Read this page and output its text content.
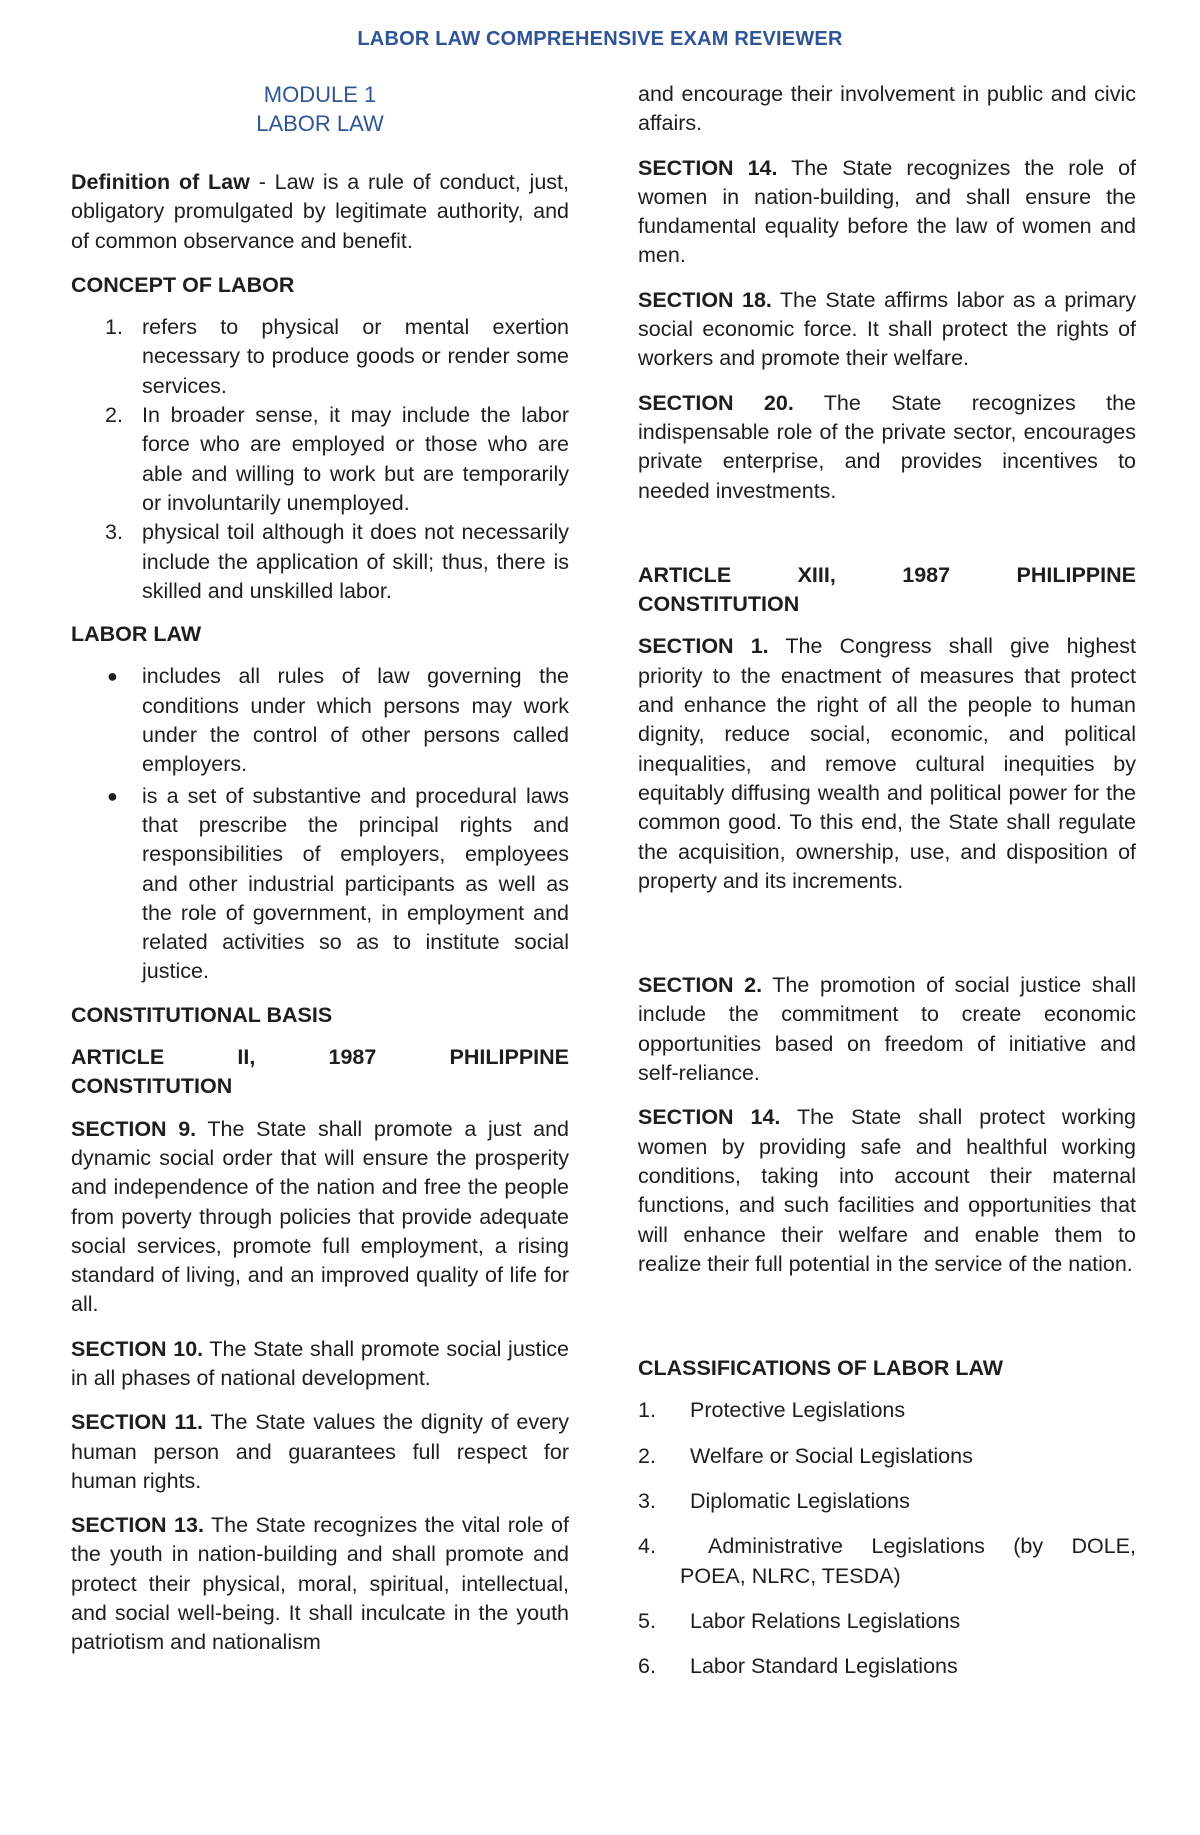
LABOR LAW COMPREHENSIVE EXAM REVIEWER
MODULE 1
LABOR LAW

Definition of Law - Law is a rule of conduct, just, obligatory promulgated by legitimate authority, and of common observance and benefit.

CONCEPT OF LABOR
1. refers to physical or mental exertion necessary to produce goods or render some services.
2. In broader sense, it may include the labor force who are employed or those who are able and willing to work but are temporarily or involuntarily unemployed.
3. physical toil although it does not necessarily include the application of skill; thus, there is skilled and unskilled labor.
LABOR LAW
● includes all rules of law governing the conditions under which persons may work under the control of other persons called employers.
● is a set of substantive and procedural laws that prescribe the principal rights and responsibilities of employers, employees and other industrial participants as well as the role of government, in employment and related activities so as to institute social justice.
CONSTITUTIONAL BASIS
ARTICLE II, 1987 PHILIPPINE
CONSTITUTION

SECTION 9. The State shall promote a just and dynamic social order that will ensure the prosperity and independence of the nation and free the people from poverty through policies that provide adequate social services, promote full employment, a rising standard of living, and an improved quality of life for all.

SECTION 10. The State shall promote social justice in all phases of national development.

SECTION 11. The State values the dignity of every human person and guarantees full respect for human rights.

SECTION 13. The State recognizes the vital role of the youth in nation-building and shall promote and protect their physical, moral, spiritual, intellectual, and social well-being. It shall inculcate in the youth patriotism and nationalism

and encourage their involvement in public and civic affairs.

SECTION 14. The State recognizes the role of women in nation-building, and shall ensure the fundamental equality before the law of women and men.

SECTION 18. The State affirms labor as a primary social economic force. It shall protect the rights of workers and promote their welfare.

SECTION 20. The State recognizes the indispensable role of the private sector, encourages private enterprise, and provides incentives to needed investments.

ARTICLE XIII, 1987 PHILIPPINE
CONSTITUTION

SECTION 1. The Congress shall give highest priority to the enactment of measures that protect and enhance the right of all the people to human dignity, reduce social, economic, and political inequalities, and remove cultural inequities by equitably diffusing wealth and political power for the common good. To this end, the State shall regulate the acquisition, ownership, use, and disposition of property and its increments.

SECTION 2. The promotion of social justice shall include the commitment to create economic opportunities based on freedom of initiative and self-reliance.

SECTION 14. The State shall protect working women by providing safe and healthful working conditions, taking into account their maternal functions, and such facilities and opportunities that will enhance their welfare and enable them to realize their full potential in the service of the nation.

CLASSIFICATIONS OF LABOR LAW
1. Protective Legislations
2. Welfare or Social Legislations
3. Diplomatic Legislations
4. Administrative Legislations (by DOLE, POEA, NLRC, TESDA)
5. Labor Relations Legislations
6. Labor Standard Legislations
